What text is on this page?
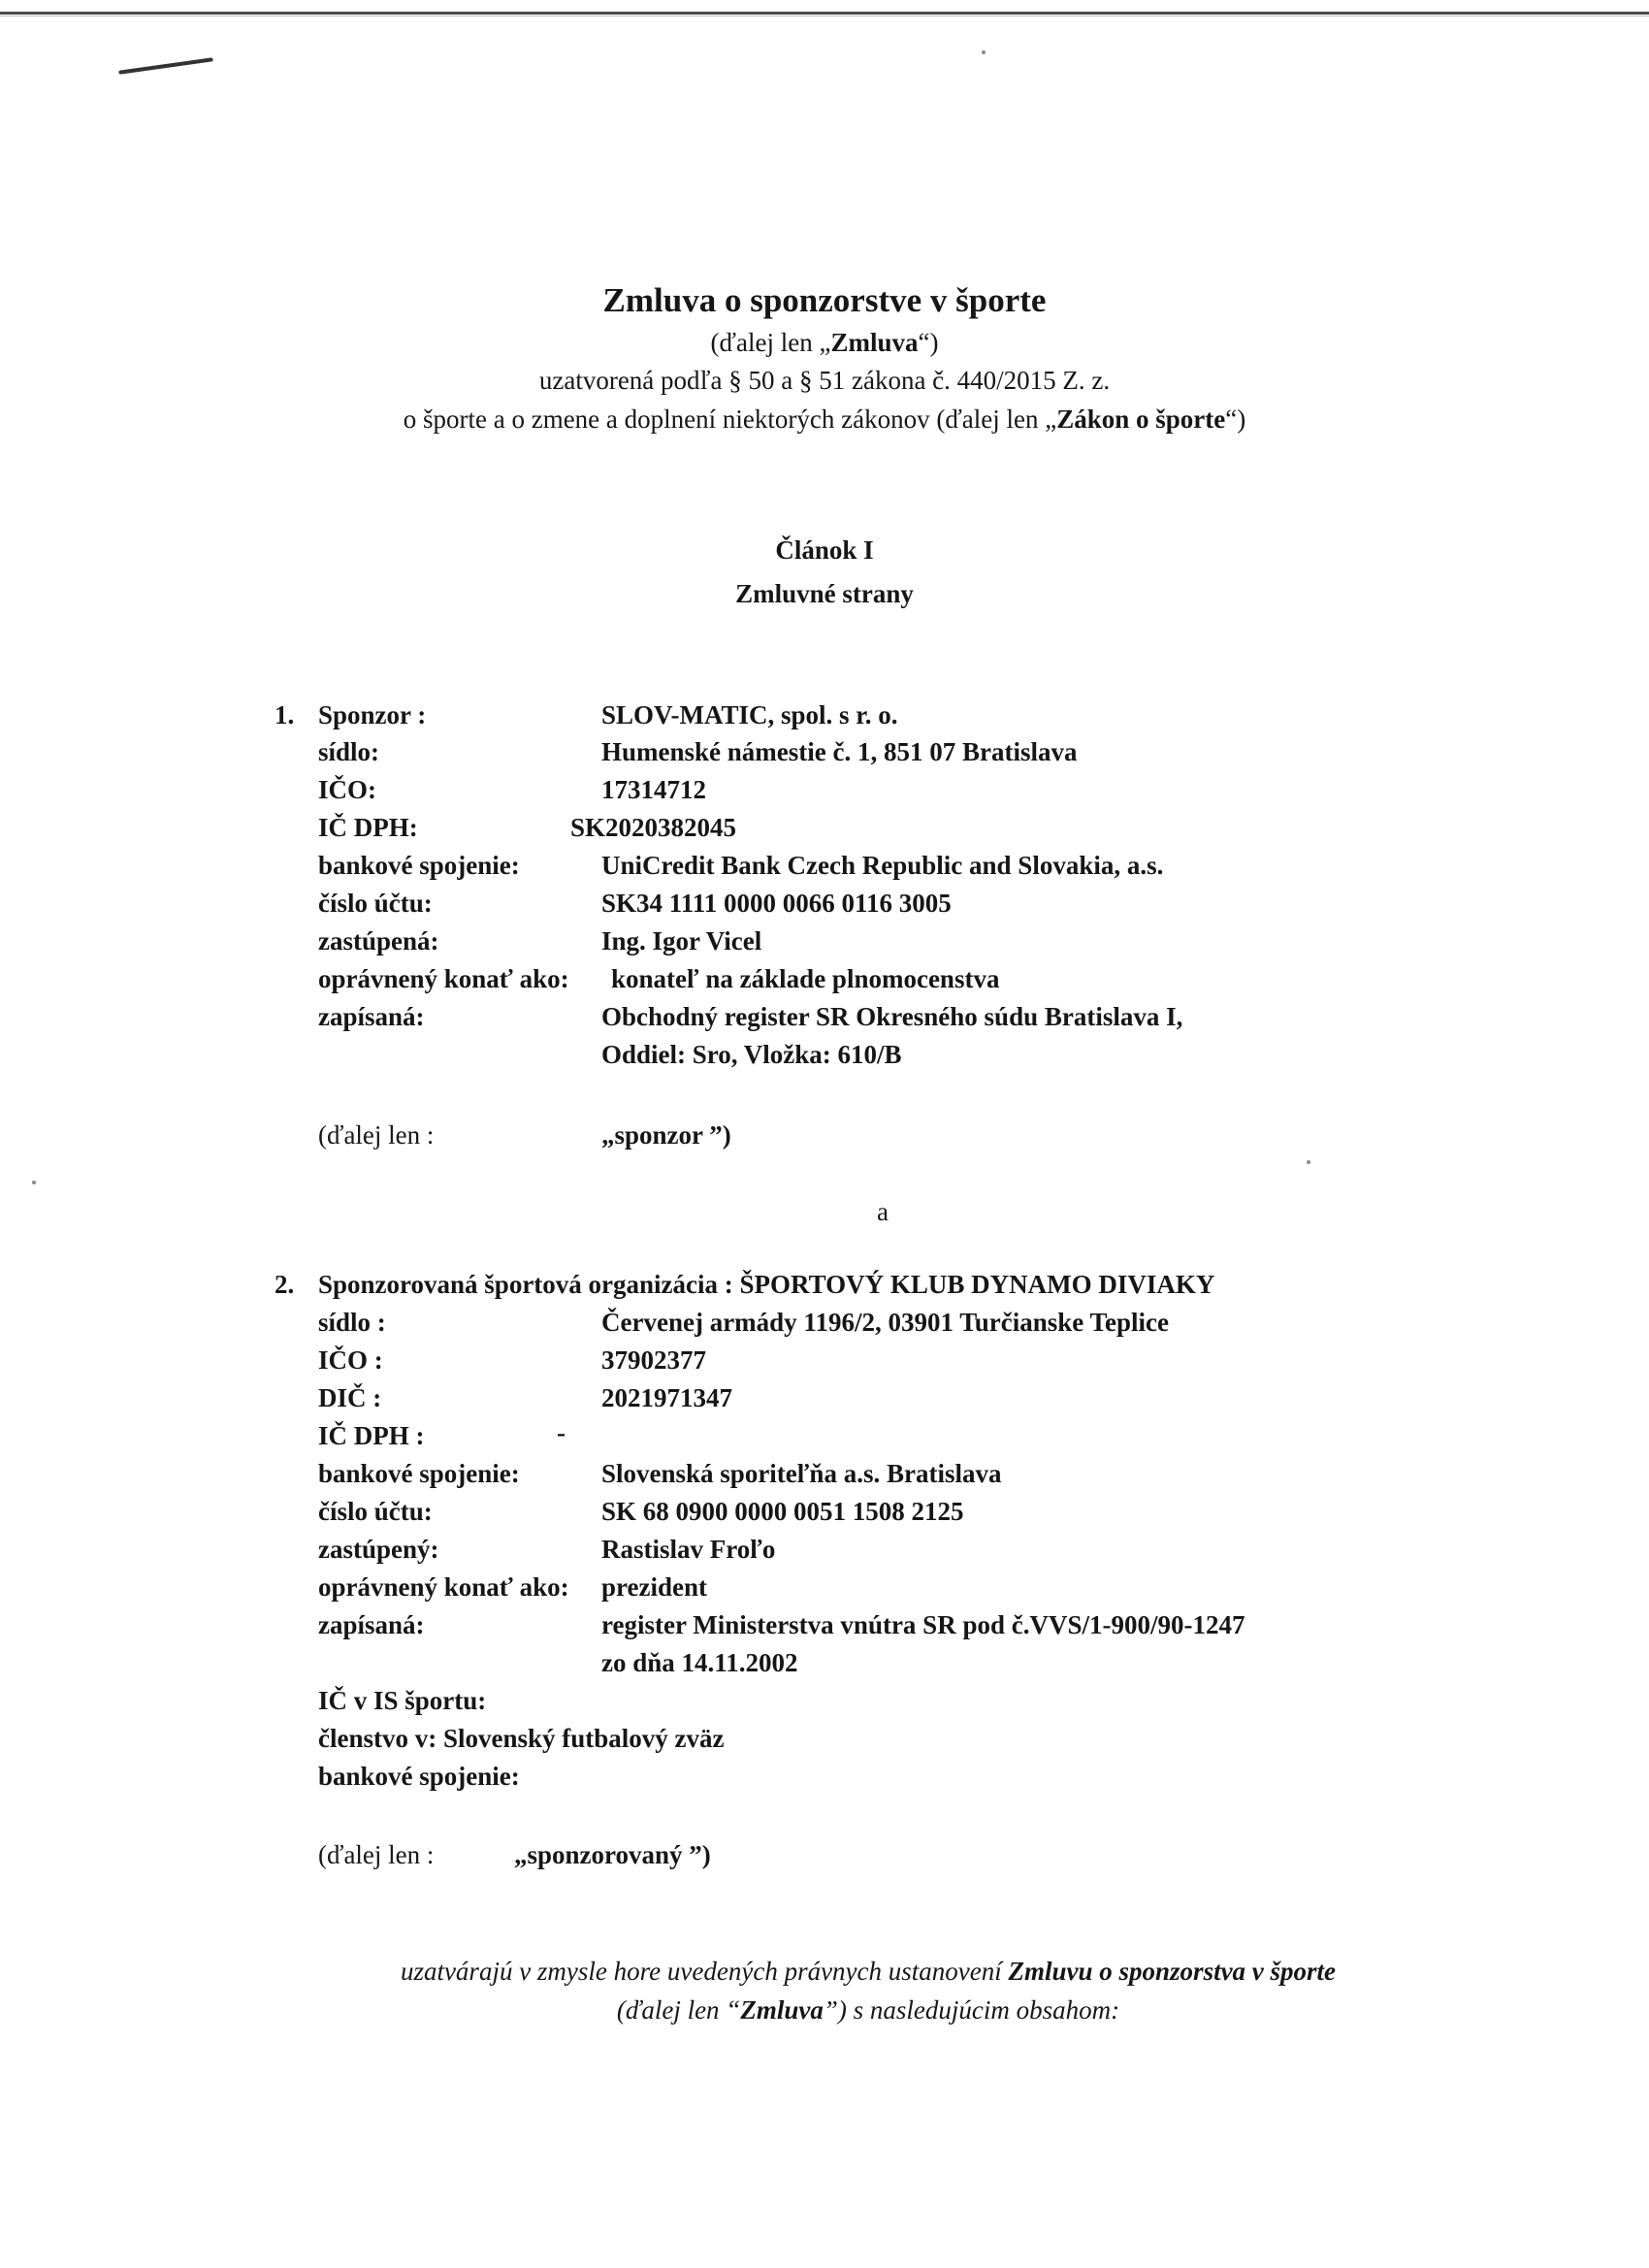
Zmluva o sponzorstve v športe
(ďalej len „Zmluva“)
uzatvorená podľa § 50 a § 51 zákona č. 440/2015 Z. z.
o športe a o zmene a doplnení niektorých zákonov (ďalej len „Zákon o športe“)
Článok I
Zmluvné strany
1. Sponzor :	SLOV-MATIC, spol. s r. o.
sídlo:	Humenské námestie č. 1, 851 07 Bratislava
IČO:	17314712
IČ DPH:	SK2020382045
bankové spojenie:	UniCredit Bank Czech Republic and Slovakia, a.s.
číslo účtu:	SK34 1111 0000 0066 0116 3005
zastúpená:	Ing. Igor Vicel
oprávnený konať ako: konateľ na základe plnomocenstva
zapísaná:	Obchodný register SR Okresného súdu Bratislava I,
Oddiel: Sro, Vložka: 610/B
(ďalej len :	„sponzor ”)
a
2. Sponzorovaná športová organizácia : ŠPORTOVÝ KLUB DYNAMO DIVIAKY
sídlo :	Červenej armády 1196/2, 03901 Turčianske Teplice
IČO :	37902377
DIČ :	2021971347
IČ DPH :	-
bankové spojenie:	Slovenská sporiteľňa a.s. Bratislava
číslo účtu:	SK 68 0900 0000 0051 1508 2125
zastúpený:	Rastislav Froľo
oprávnený konať ako: prezident
zapísaná:	register Ministerstva vnútra SR pod č.VVS/1-900/90-1247
zo dňa 14.11.2002
IČ v IS športu:
členstvo v: Slovenský futbalový zväz
bankové spojenie:
(ďalej len :	„sponzorovaný ”)
uzatvárajú v zmysle hore uvedených právnych ustanovení Zmluvu o sponzorstva v športe
(ďalej len “Zmluva”) s nasledujúcim obsahom:
